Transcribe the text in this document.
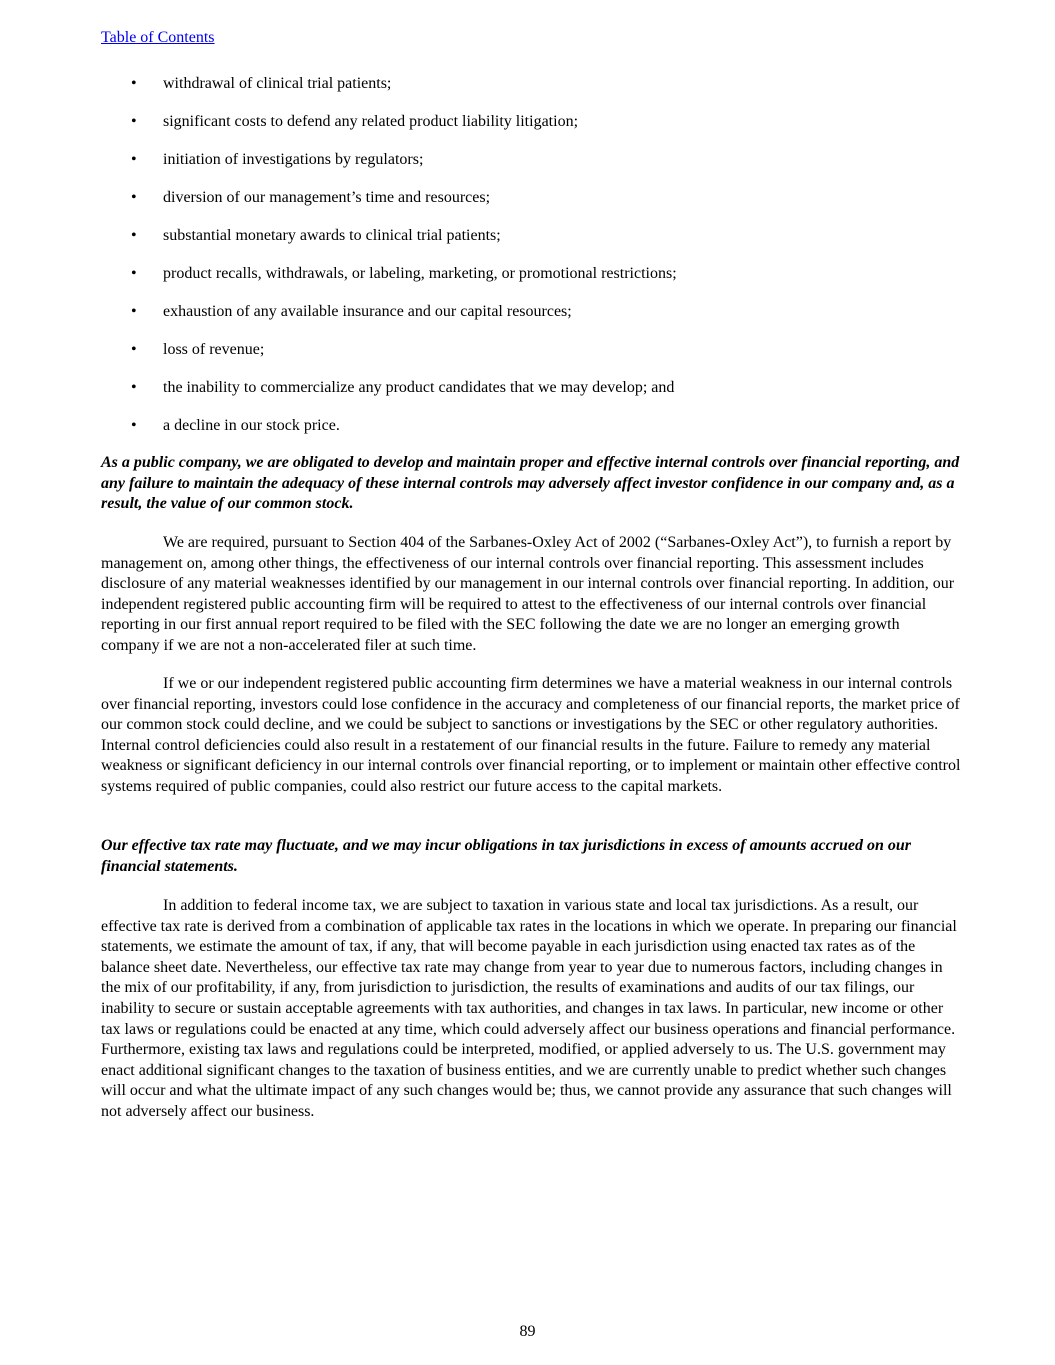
Table of Contents
• withdrawal of clinical trial patients;
• significant costs to defend any related product liability litigation;
• initiation of investigations by regulators;
• diversion of our management’s time and resources;
• substantial monetary awards to clinical trial patients;
• product recalls, withdrawals, or labeling, marketing, or promotional restrictions;
• exhaustion of any available insurance and our capital resources;
• loss of revenue;
• the inability to commercialize any product candidates that we may develop; and
• a decline in our stock price.
As a public company, we are obligated to develop and maintain proper and effective internal controls over financial reporting, and any failure to maintain the adequacy of these internal controls may adversely affect investor confidence in our company and, as a result, the value of our common stock.
We are required, pursuant to Section 404 of the Sarbanes-Oxley Act of 2002 (“Sarbanes-Oxley Act”), to furnish a report by management on, among other things, the effectiveness of our internal controls over financial reporting. This assessment includes disclosure of any material weaknesses identified by our management in our internal controls over financial reporting. In addition, our independent registered public accounting firm will be required to attest to the effectiveness of our internal controls over financial reporting in our first annual report required to be filed with the SEC following the date we are no longer an emerging growth company if we are not a non-accelerated filer at such time.
If we or our independent registered public accounting firm determines we have a material weakness in our internal controls over financial reporting, investors could lose confidence in the accuracy and completeness of our financial reports, the market price of our common stock could decline, and we could be subject to sanctions or investigations by the SEC or other regulatory authorities. Internal control deficiencies could also result in a restatement of our financial results in the future. Failure to remedy any material weakness or significant deficiency in our internal controls over financial reporting, or to implement or maintain other effective control systems required of public companies, could also restrict our future access to the capital markets.
Our effective tax rate may fluctuate, and we may incur obligations in tax jurisdictions in excess of amounts accrued on our financial statements.
In addition to federal income tax, we are subject to taxation in various state and local tax jurisdictions. As a result, our effective tax rate is derived from a combination of applicable tax rates in the locations in which we operate. In preparing our financial statements, we estimate the amount of tax, if any, that will become payable in each jurisdiction using enacted tax rates as of the balance sheet date. Nevertheless, our effective tax rate may change from year to year due to numerous factors, including changes in the mix of our profitability, if any, from jurisdiction to jurisdiction, the results of examinations and audits of our tax filings, our inability to secure or sustain acceptable agreements with tax authorities, and changes in tax laws. In particular, new income or other tax laws or regulations could be enacted at any time, which could adversely affect our business operations and financial performance. Furthermore, existing tax laws and regulations could be interpreted, modified, or applied adversely to us. The U.S. government may enact additional significant changes to the taxation of business entities, and we are currently unable to predict whether such changes will occur and what the ultimate impact of any such changes would be; thus, we cannot provide any assurance that such changes will not adversely affect our business.
89
